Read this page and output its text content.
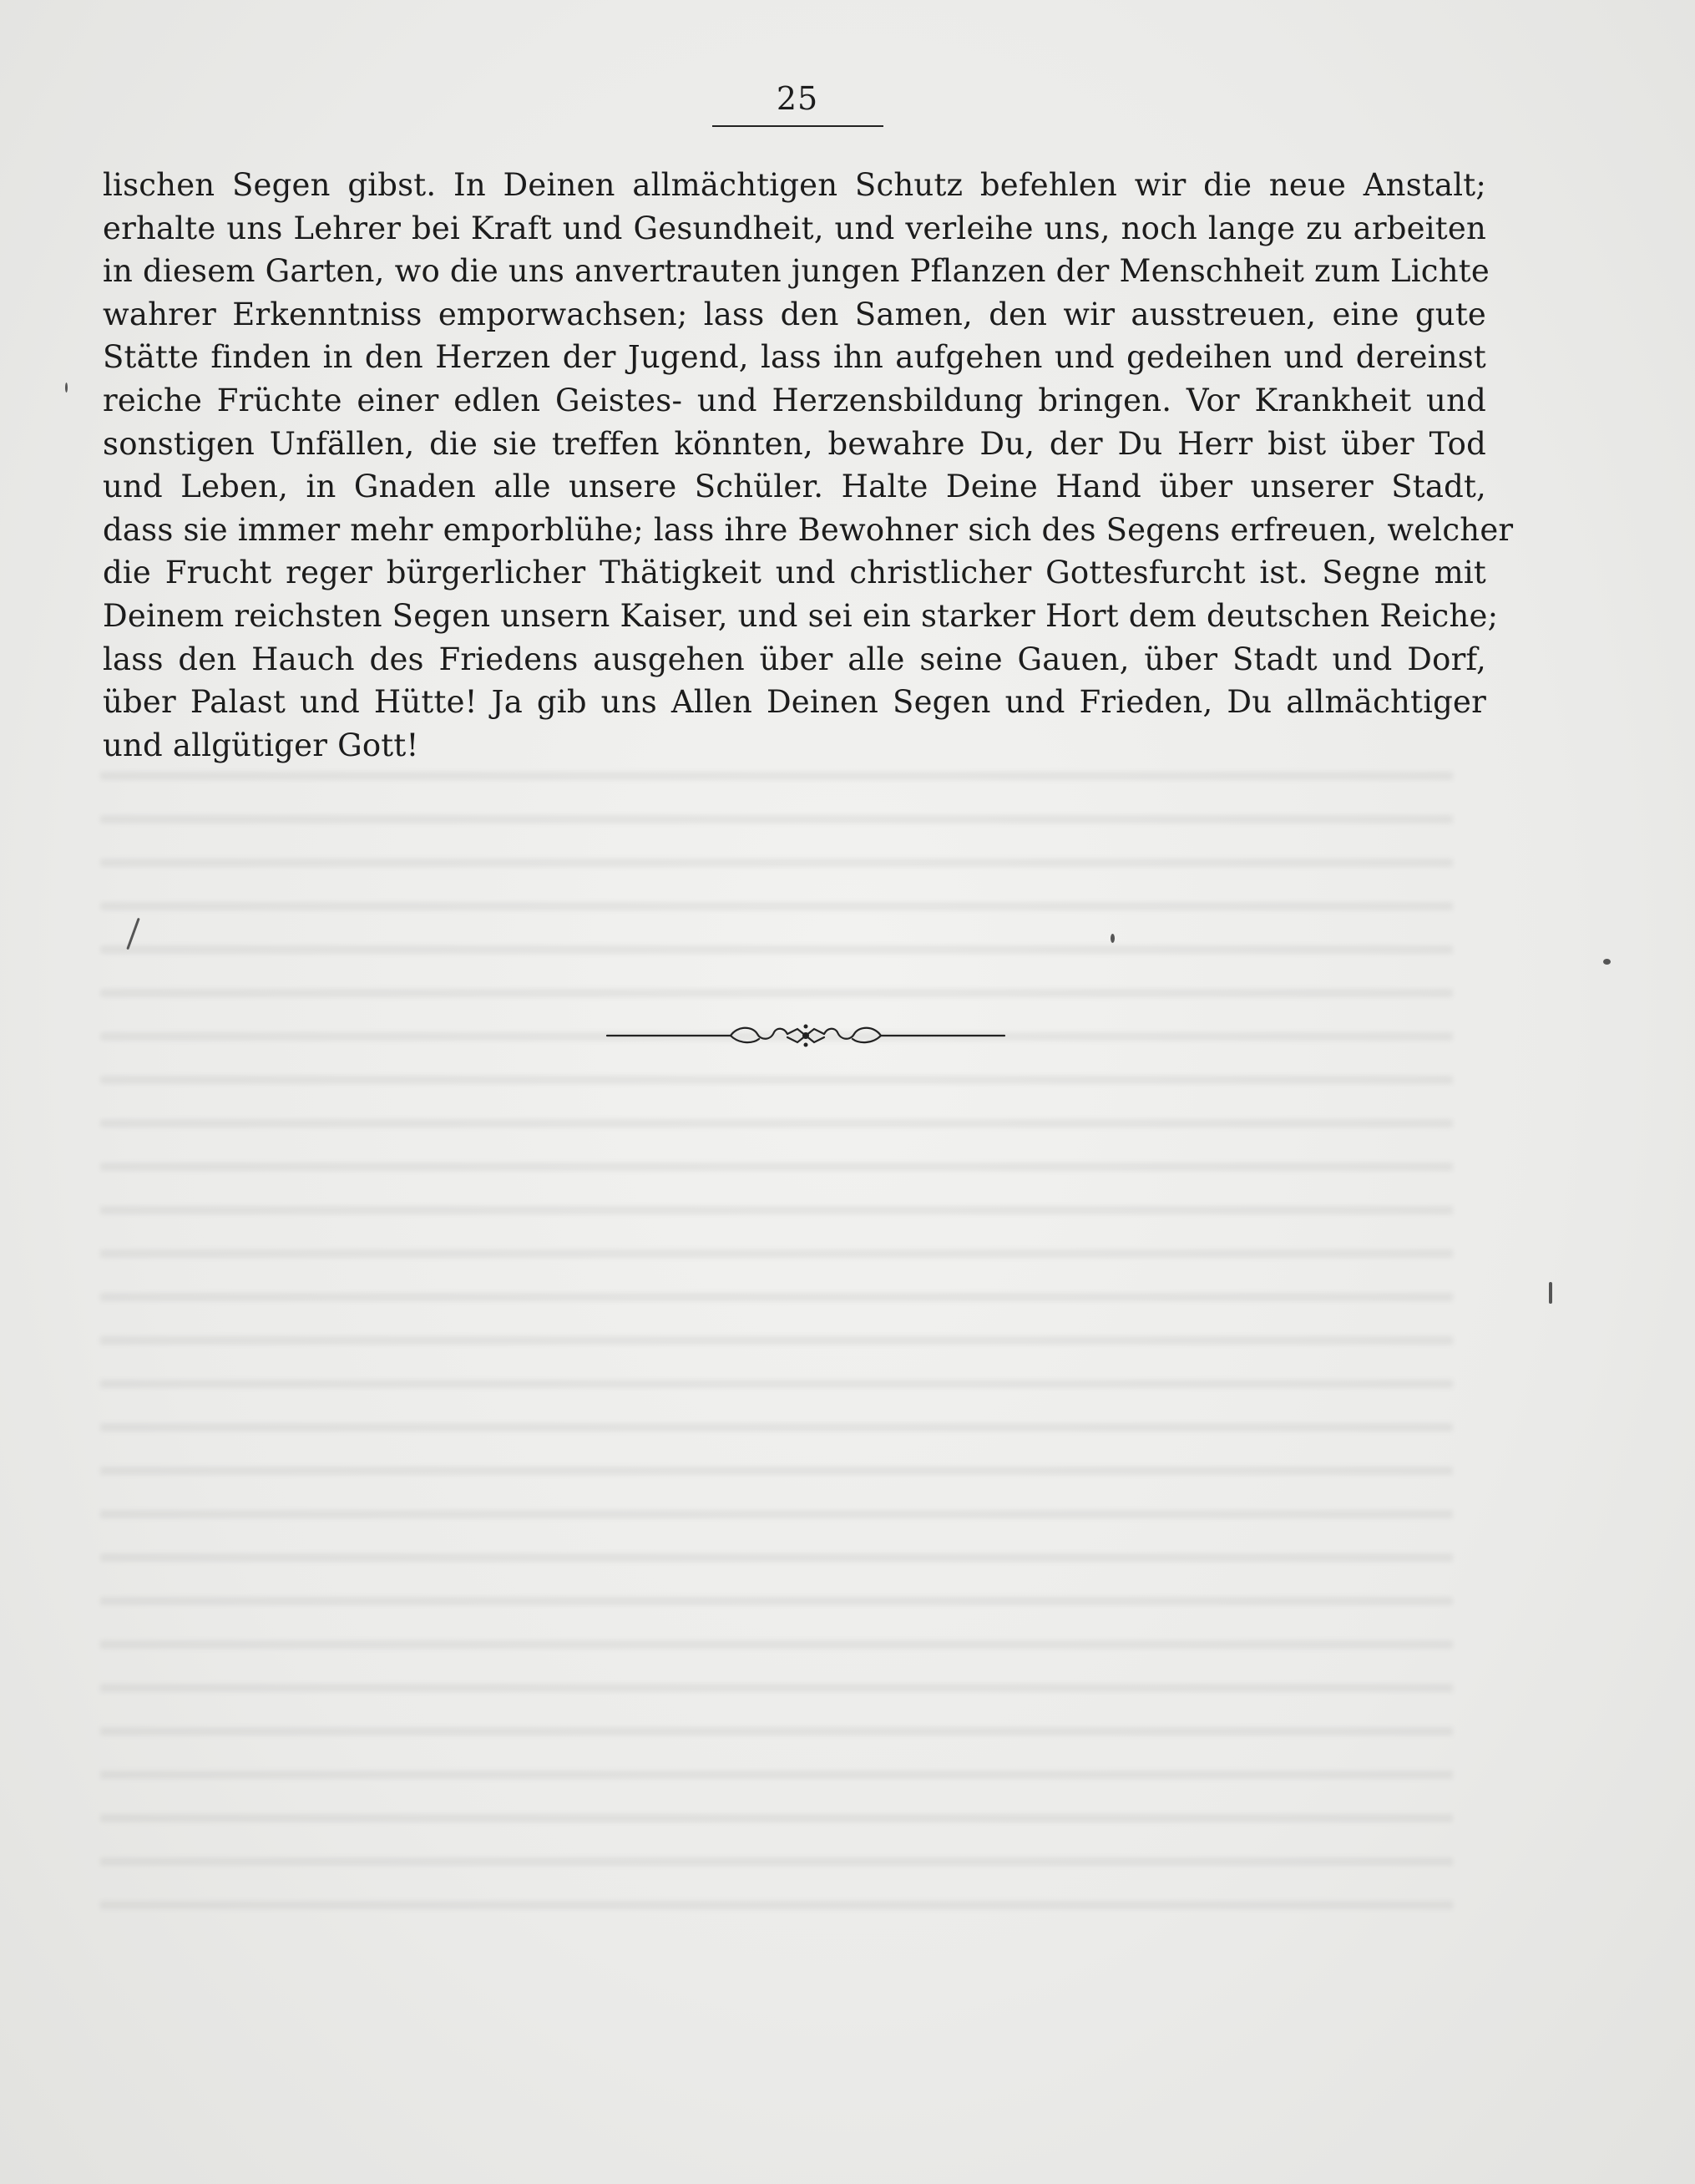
25
lischen Segen gibst. In Deinen allmächtigen Schutz befehlen wir die neue Anstalt;
erhalte uns Lehrer bei Kraft und Gesundheit, und verleihe uns, noch lange zu arbeiten
in diesem Garten, wo die uns anvertrauten jungen Pflanzen der Menschheit zum Lichte
wahrer Erkenntniss emporwachsen; lass den Samen, den wir ausstreuen, eine gute
Stätte finden in den Herzen der Jugend, lass ihn aufgehen und gedeihen und dereinst
reiche Früchte einer edlen Geistes- und Herzensbildung bringen. Vor Krankheit und
sonstigen Unfällen, die sie treffen könnten, bewahre Du, der Du Herr bist über Tod
und Leben, in Gnaden alle unsere Schüler. Halte Deine Hand über unserer Stadt,
dass sie immer mehr emporblühe; lass ihre Bewohner sich des Segens erfreuen, welcher
die Frucht reger bürgerlicher Thätigkeit und christlicher Gottesfurcht ist. Segne mit
Deinem reichsten Segen unsern Kaiser, und sei ein starker Hort dem deutschen Reiche;
lass den Hauch des Friedens ausgehen über alle seine Gauen, über Stadt und Dorf,
über Palast und Hütte! Ja gib uns Allen Deinen Segen und Frieden, Du allmächtiger
und allgütiger Gott!
